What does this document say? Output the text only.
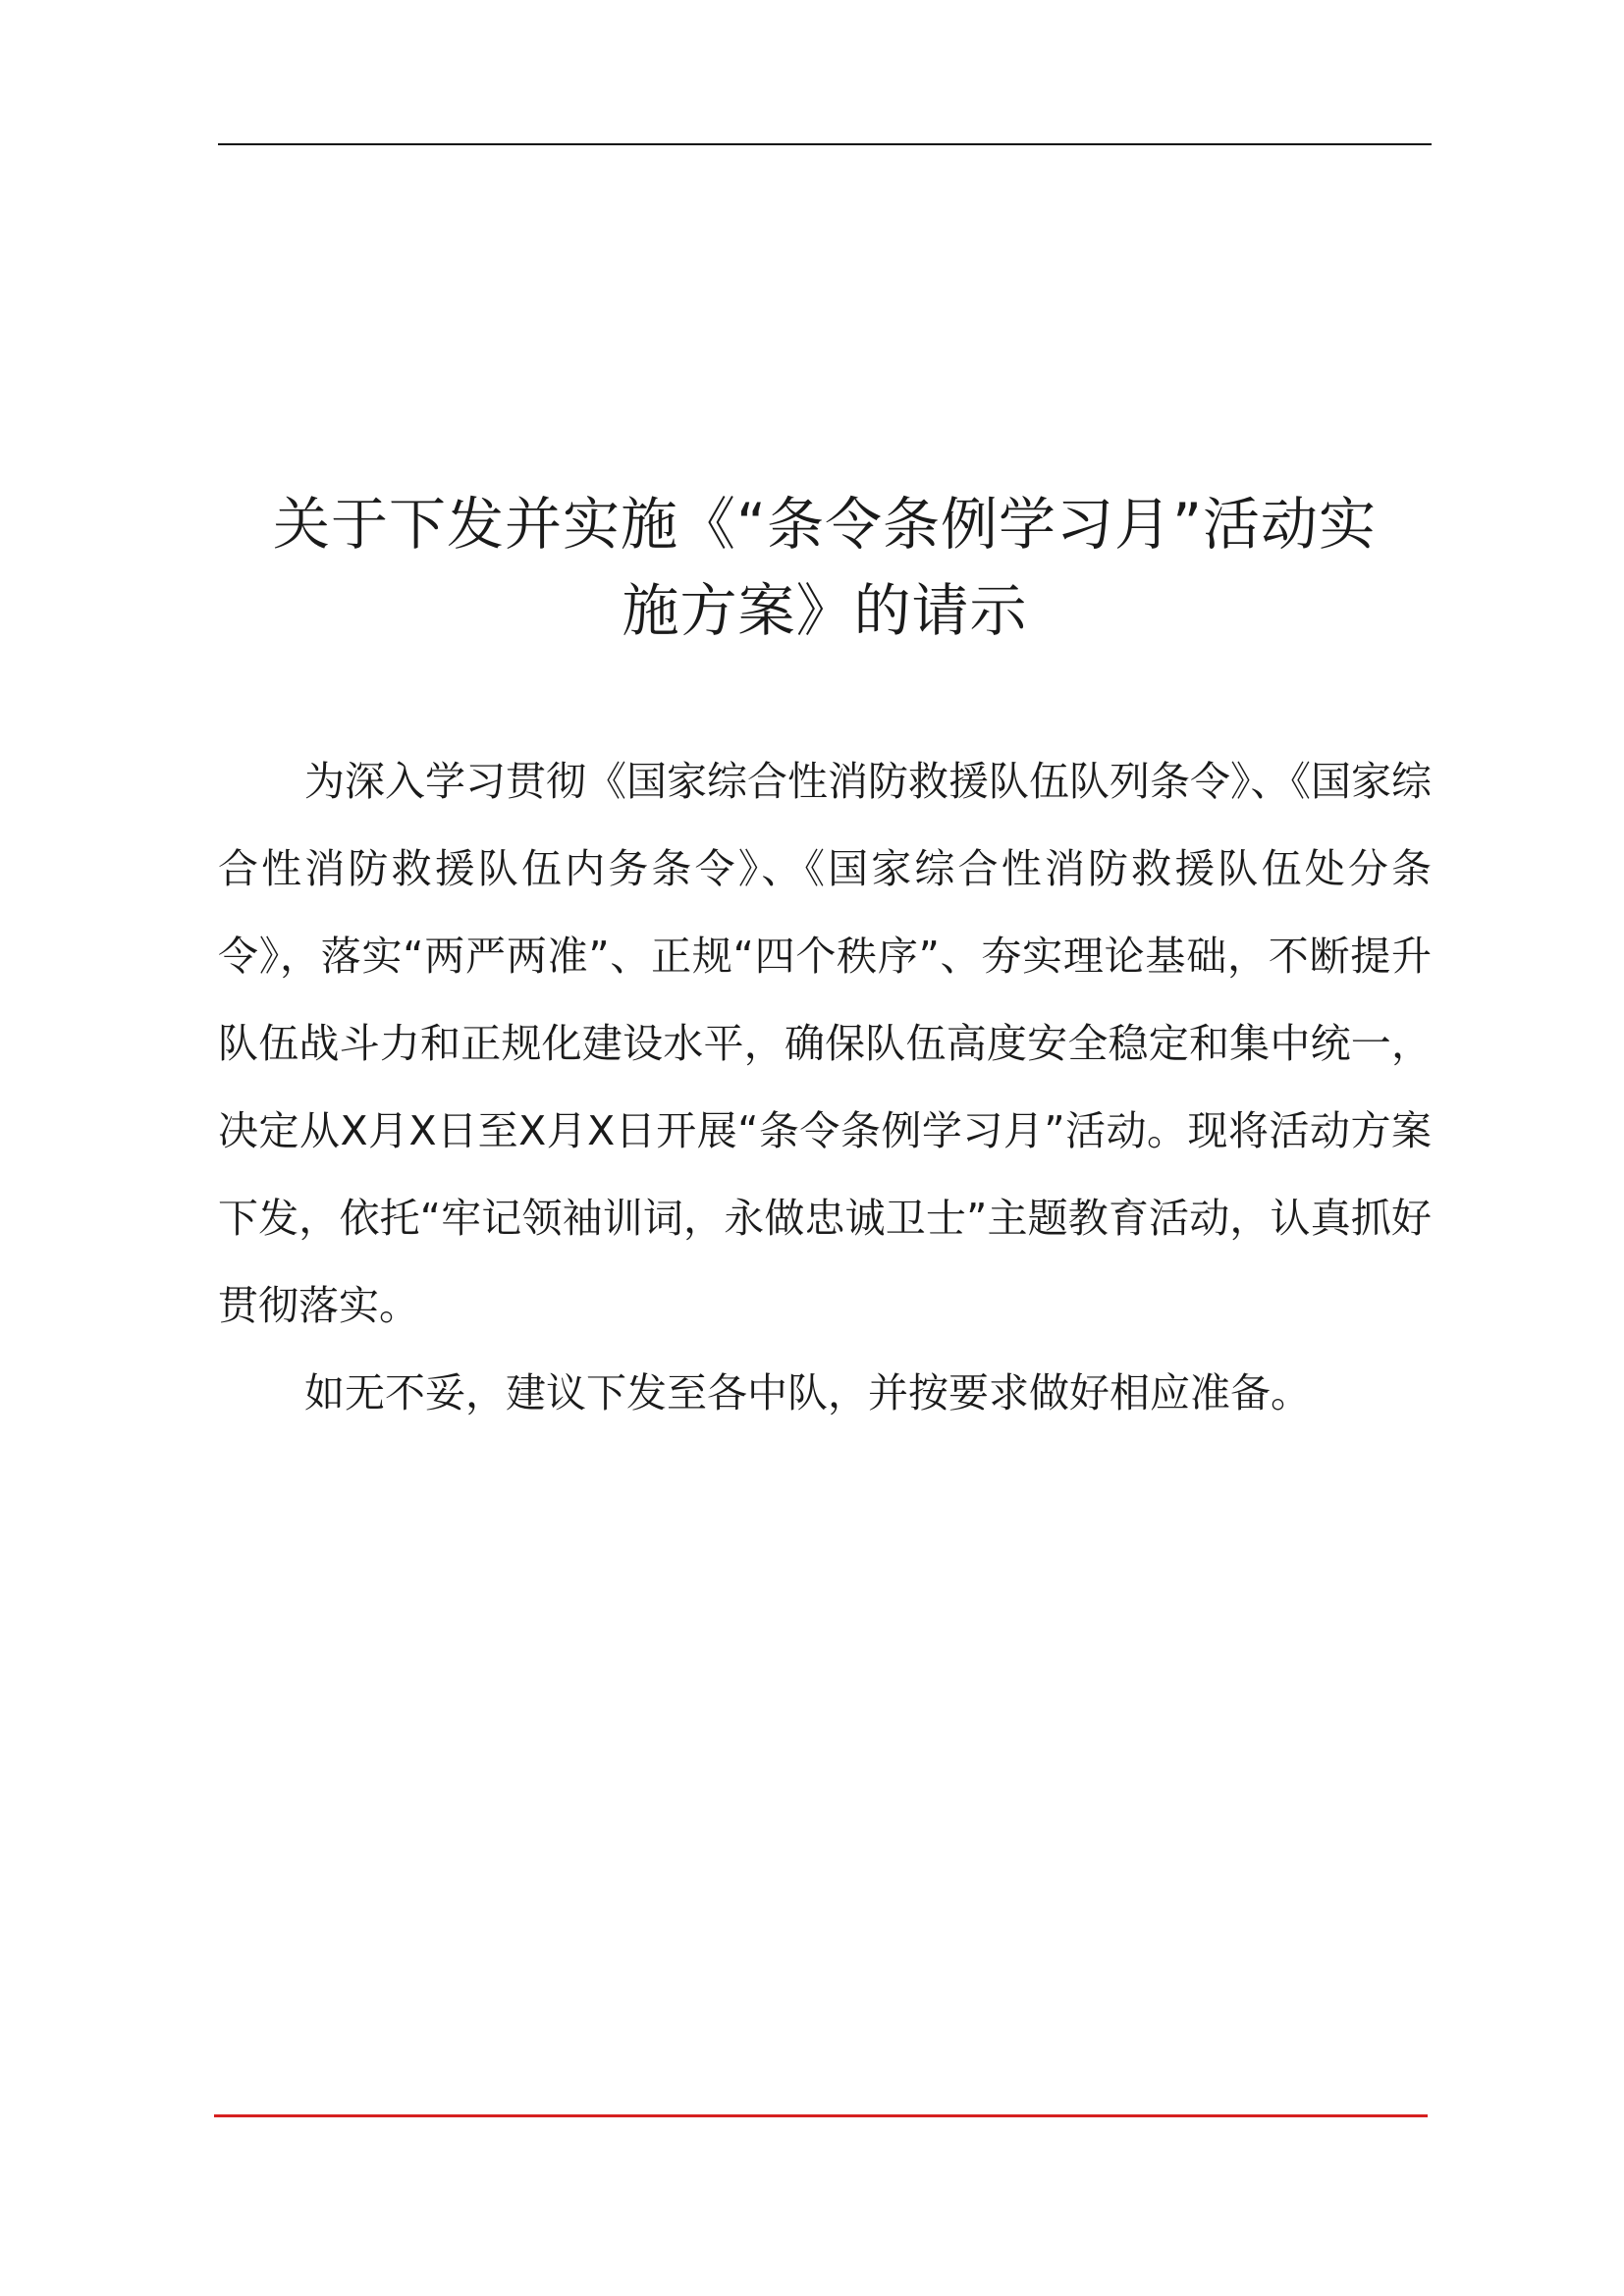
关于下发并实施《“条令条例学习月”活动实
施方案》的请示

为深入学习贯彻《国家综合性消防救援队伍队列条令》、《国家综合性消防救援队伍内务条令》、《国家综合性消防救援队伍处分条令》，落实“两严两准”、正规“四个秩序”、夯实理论基础，不断提升队伍战斗力和正规化建设水平，确保队伍高度安全稳定和集中统一，决定从X月X日至X月X日开展“条令条例学习月”活动。现将活动方案下发，依托“牢记领袖训词，永做忠诚卫士”主题教育活动，认真抓好贯彻落实。

如无不妥，建议下发至各中队，并按要求做好相应准备。
